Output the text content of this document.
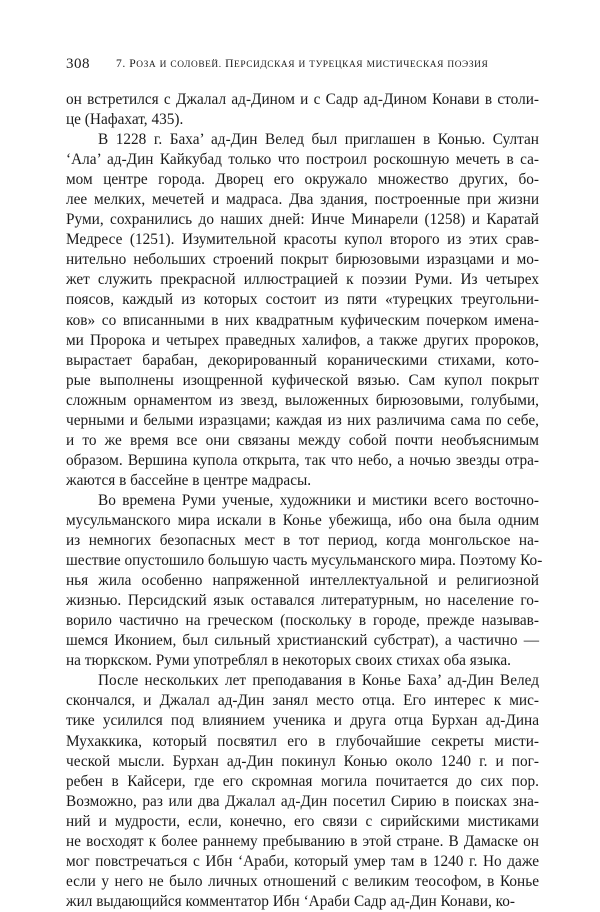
308 7. РОЗА И СОЛОВЕЙ. ПЕРСИДСКАЯ И ТУРЕЦКАЯ МИСТИЧЕСКАЯ ПОЭЗИЯ
он встретился с Джалал ад-Дином и с Садр ад-Дином Конави в столи-
це (Нафахат, 435).
В 1228 г. Баха’ ад-Дин Велед был приглашен в Конью. Султан
‘Ала’ ад-Дин Кайкубад только что построил роскошную мечеть в са-
мом центре города. Дворец его окружало множество других, бо-
лее мелких, мечетей и мадраса. Два здания, построенные при жизни
Руми, сохранились до наших дней: Инче Минарели (1258) и Каратай
Медресе (1251). Изумительной красоты купол второго из этих срав-
нительно небольших строений покрыт бирюзовыми изразцами и мо-
жет служить прекрасной иллюстрацией к поэзии Руми. Из четырех
поясов, каждый из которых состоит из пяти «турецких треугольни-
ков» со вписанными в них квадратным куфическим почерком имена-
ми Пророка и четырех праведных халифов, а также других пророков,
вырастает барабан, декорированный кораническими стихами, кото-
рые выполнены изощренной куфической вязью. Сам купол покрыт
сложным орнаментом из звезд, выложенных бирюзовыми, голубыми,
черными и белыми изразцами; каждая из них различима сама по себе,
и то же время все они связаны между собой почти необъяснимым
образом. Вершина купола открыта, так что небо, а ночью звезды отра-
жаются в бассейне в центре мадрасы.
Во времена Руми ученые, художники и мистики всего восточно-
мусульманского мира искали в Конье убежища, ибо она была одним
из немногих безопасных мест в тот период, когда монгольское на-
шествие опустошило большую часть мусульманского мира. Поэтому Ко-
нья жила особенно напряженной интеллектуальной и религиозной
жизнью. Персидский язык оставался литературным, но население го-
ворило частично на греческом (поскольку в городе, прежде называв-
шемся Иконием, был сильный христианский субстрат), а частично —
на тюркском. Руми употреблял в некоторых своих стихах оба языка.
После нескольких лет преподавания в Конье Баха’ ад-Дин Велед
скончался, и Джалал ад-Дин занял место отца. Его интерес к мис-
тике усилился под влиянием ученика и друга отца Бурхан ад-Дина
Мухаккика, который посвятил его в глубочайшие секреты мисти-
ческой мысли. Бурхан ад-Дин покинул Конью около 1240 г. и пог-
ребен в Кайсери, где его скромная могила почитается до сих пор.
Возможно, раз или два Джалал ад-Дин посетил Сирию в поисках зна-
ний и мудрости, если, конечно, его связи с сирийскими мистиками
не восходят к более раннему пребыванию в этой стране. В Дамаске он
мог повстречаться с Ибн ‘Араби, который умер там в 1240 г. Но даже
если у него не было личных отношений с великим теософом, в Конье
жил выдающийся комментатор Ибн ‘Араби Садр ад-Дин Конави, ко-
